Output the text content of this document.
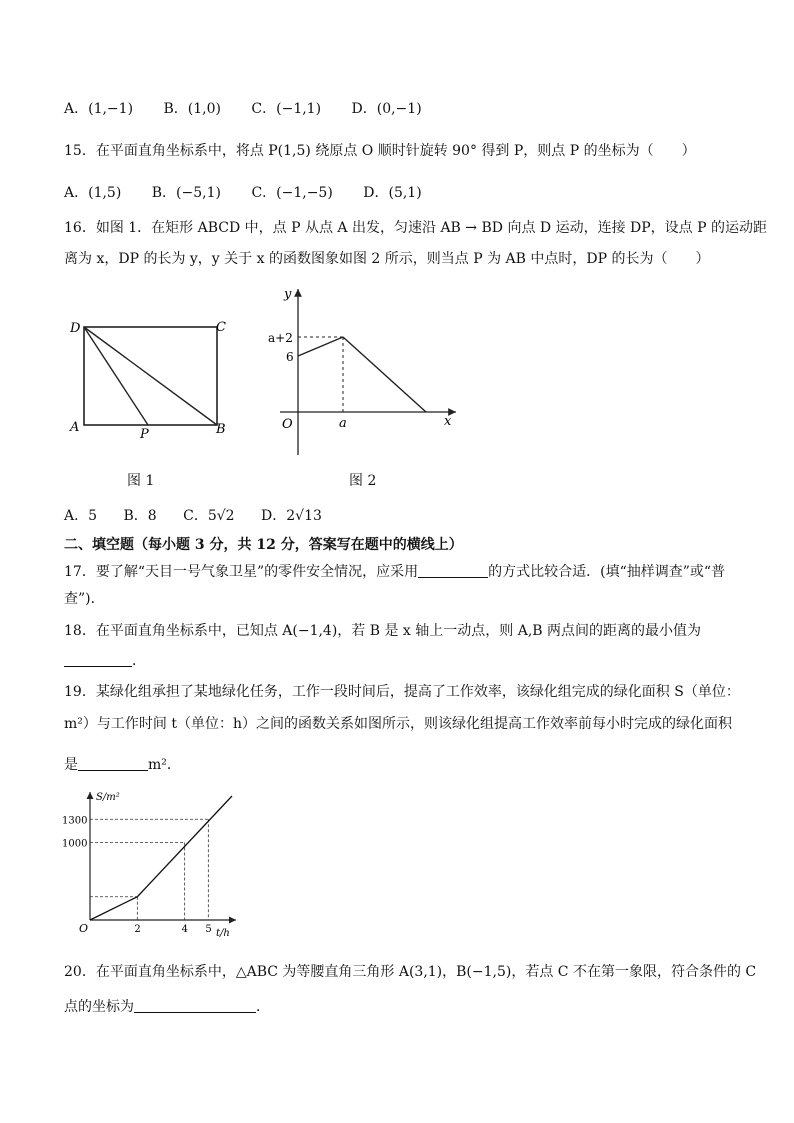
A．(1,−1) B．(1,0) C．(−1,1) D．(0,−1)
15．在平面直角坐标系中，将点 P(1,5) 绕原点 O 顺时针旋转 90° 得到 P，则点 P 的坐标为（　　）
A．(1,5) B．(−5,1) C．(−1,−5) D．(5,1)
16．如图 1．在矩形 ABCD 中，点 P 从点 A 出发，匀速沿 AB → BD 向点 D 运动，连接 DP，设点 P 的运动距
离为 x，DP 的长为 y，y 关于 x 的函数图象如图 2 所示，则当点 P 为 AB 中点时，DP 的长为（　　）
D	C
A	B
P
图 1
y
x
O	a
a+2
6
图 2
A．5 B．8 C．5√2 D．2√13
二、填空题（每小题 3 分，共 12 分，答案写在题中的横线上）
17．要了解“天目一号气象卫星”的零件安全情况，应采用	的方式比较合适．(填“抽样调查”或“普
查”)．
18．在平面直角坐标系中，已知点 A(−1,4)，若 B 是 x 轴上一动点，则 A,B 两点间的距离的最小值为
．
19．某绿化组承担了某地绿化任务，工作一段时间后，提高了工作效率，该绿化组完成的绿化面积 S（单位：
m²）与工作时间 t（单位：h）之间的函数关系如图所示，则该绿化组提高工作效率前每小时完成的绿化面积
是	m²．
1300
1000
2	4 5
S/m²
t/h
O
20．在平面直角坐标系中，△ABC 为等腰直角三角形 A(3,1)，B(−1,5)，若点 C 不在第一象限，符合条件的 C
点的坐标为	．
